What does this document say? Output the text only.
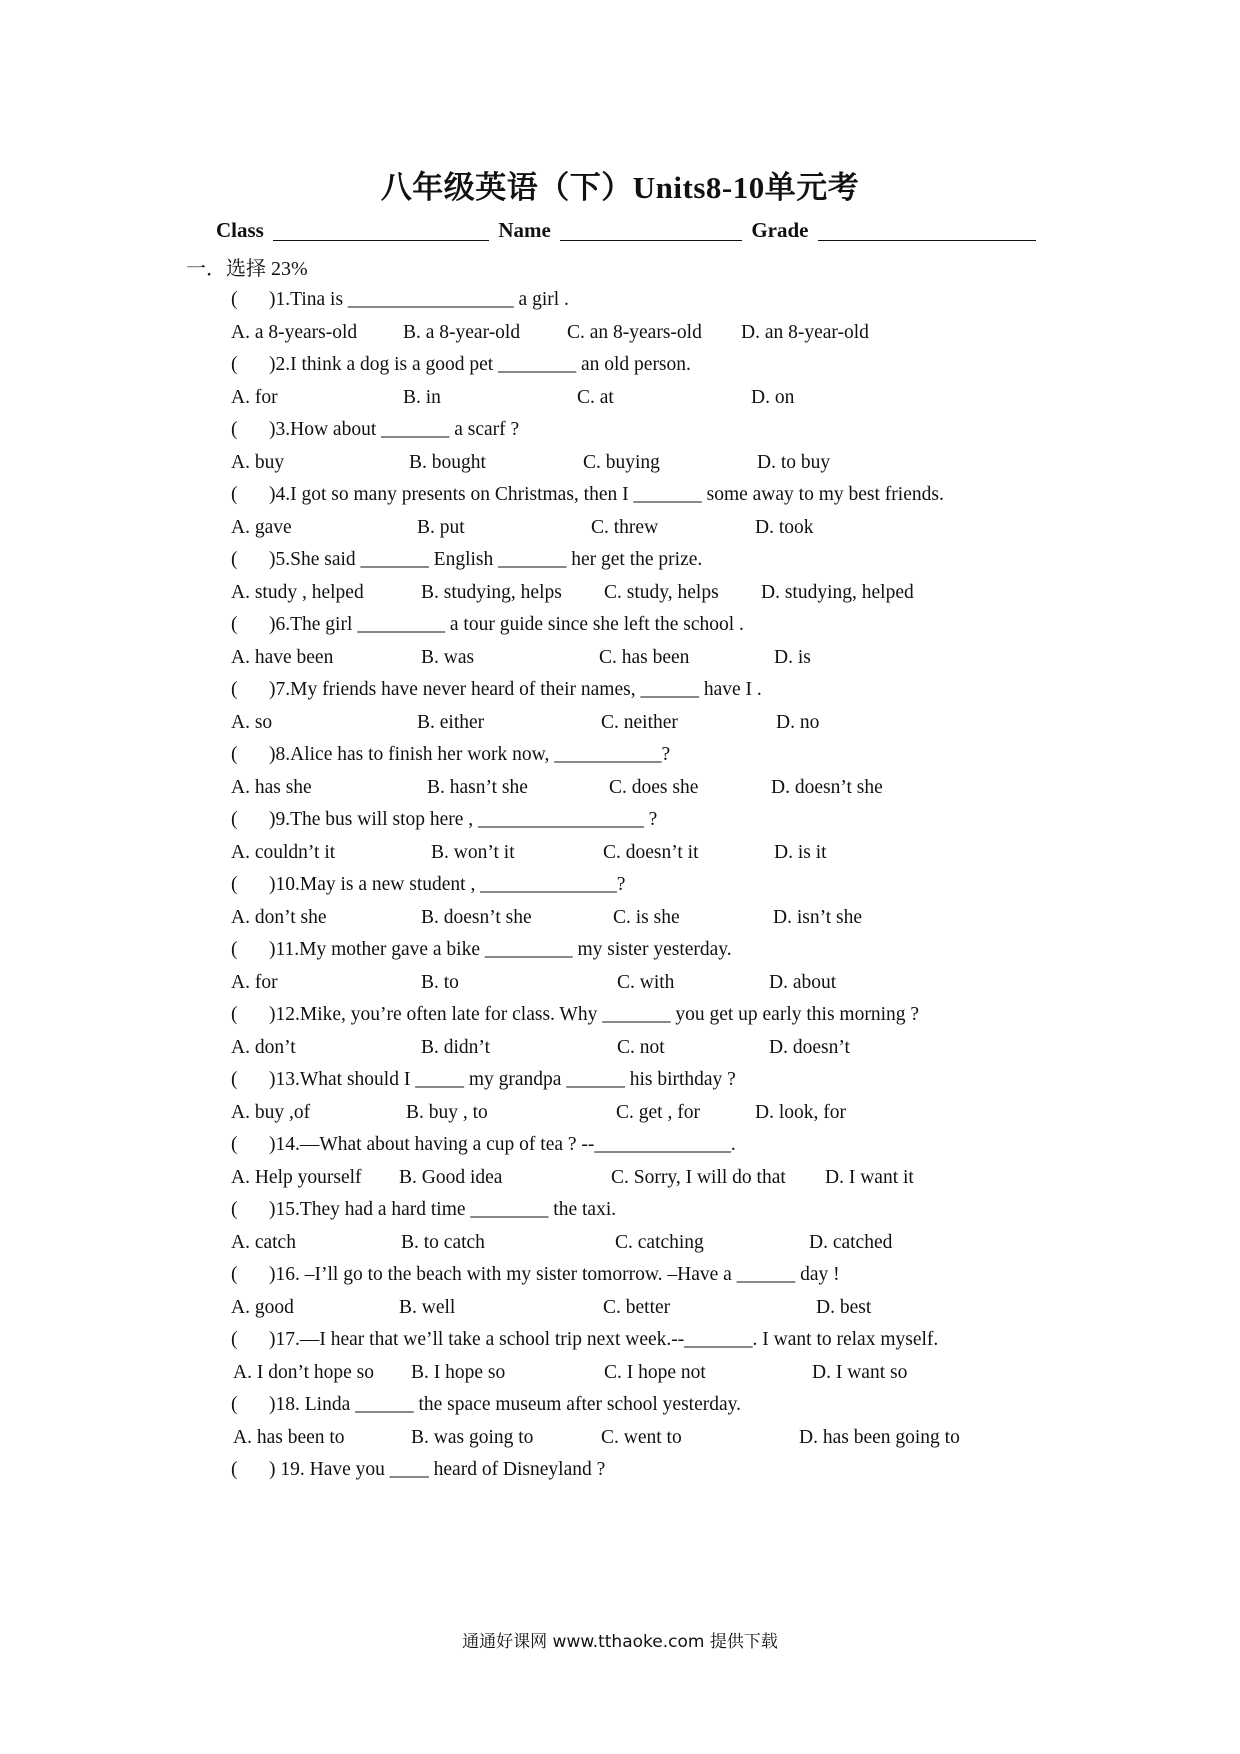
八年级英语（下）Units8-10单元考
Class	Name	Grade
一．选择 23%
( )1.Tina is _________________ a girl .
A. a 8-years-old B. a 8-year-old C. an 8-years-old D. an 8-year-old
( )2.I think a dog is a good pet ________ an old person.
A. for	B. in	C. at	D. on
( )3.How about _______ a scarf ?
A. buy	B. bought	C. buying	D. to buy
( )4.I got so many presents on Christmas, then I _______ some away to my best friends.
A. gave	B. put	C. threw	D. took
( )5.She said _______ English _______ her get the prize.
A. study , helped	B. studying, helps C. study, helps D. studying, helped
( )6.The girl _________ a tour guide since she left the school .
A. have been	B. was	C. has been	D. is
( )7.My friends have never heard of their names, ______ have I .
A. so	B. either	C. neither	D. no
( )8.Alice has to finish her work now, ___________?
A. has she	B. hasn’t she	C. does she	D. doesn’t she
( )9.The bus will stop here , _________________ ?
A. couldn’t it	B. won’t it	C. doesn’t it	D. is it
( )10.May is a new student , ______________?
A. don’t she	B. doesn’t she	C. is she	D. isn’t she
( )11.My mother gave a bike _________ my sister yesterday.
A. for	B. to	C. with	D. about
( )12.Mike, you’re often late for class. Why _______ you get up early this morning ?
A. don’t	B. didn’t	C. not	D. doesn’t
( )13.What should I _____ my grandpa ______ his birthday ?
A. buy ,of	B. buy , to	C. get , for	D. look, for
( )14.—What about having a cup of tea ? --______________.
A. Help yourself B. Good idea	C. Sorry, I will do that D. I want it
( )15.They had a hard time ________ the taxi.
A. catch	B. to catch	C. catching	D. catched
( )16. –I’ll go to the beach with my sister tomorrow. –Have a ______ day !
A. good	B. well	C. better	D. best
( )17.—I hear that we’ll take a school trip next week.--_______. I want to relax myself.
A. I don’t hope so B. I hope so	C. I hope not	D. I want so
( )18. Linda ______ the space museum after school yesterday.
A. has been to	B. was going to	C. went to	D. has been going to
( ) 19. Have you ____ heard of Disneyland ?
通通好课网 www.tthaoke.com 提供下载
